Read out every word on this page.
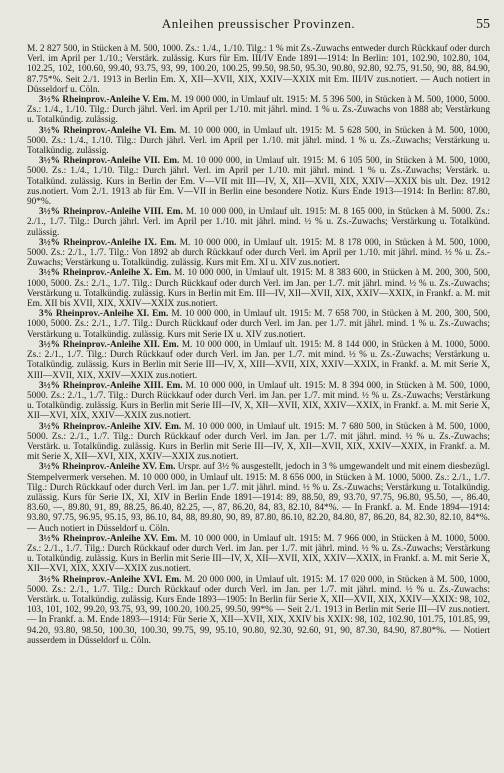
Anleihen preussischer Provinzen.	55

M. 2 827 500, in Stücken à M. 500, 1000. Zs.: 1./4., 1./10. Tilg.: 1 % mit Zs.-Zuwachs entweder durch Rückkauf oder durch Verl. im April per 1./10.; Verstärk. zulässig. Kurs für Em. III/IV Ende 1891—1914: In Berlin: 101, 102.90, 102.80, 104, 102.25, 102, 100.60, 99.40, 93.75, 93, 99, 100.20, 100.25, 99.50, 98.50, 95.30, 90.80, 92.80, 92.75, 91.50, 90, 88, 84.90, 87.75*%. Seit 2./1. 1913 in Berlin Em. X, XII—XVII, XIX, XXIV—XXIX mit Em. III/IV zus.notiert. — Auch notiert in Düsseldorf u. Cöln.

3½% Rheinprov.-Anleihe V. Em. M. 19 000 000, in Umlauf ult. 1915: M. 5 396 500, in Stücken à M. 500, 1000, 5000. Zs.: 1./4., 1./10. Tilg.: Durch jährl. Verl. im April per 1./10. mit jährl. mind. 1 % u. Zs.-Zuwachs von 1888 ab; Verstärkung u. Totalkündig. zulässig.

3½% Rheinprov.-Anleihe VI. Em. M. 10 000 000, in Umlauf ult. 1915: M. 5 628 500, in Stücken à M. 500, 1000, 5000. Zs.: 1./4., 1./10. Tilg.: Durch jährl. Verl. im April per 1./10. mit jährl. mind. 1 % u. Zs.-Zuwachs; Verstärkung u. Totalkündig. zulässig.

3½% Rheinprov.-Anleihe VII. Em. M. 10 000 000, in Umlauf ult. 1915: M. 6 105 500, in Stücken à M. 500, 1000, 5000. Zs.: 1./4., 1./10. Tilg.: Durch jährl. Verl. im April per 1./10. mit jährl. mind. 1 % u. Zs.-Zuwachs; Verstärk. u. Totalkünd. zulässig. Kurs in Berlin der Em. V—VII mit III—IV, X, XII—XVII, XIX, XXIV—XXIX bis ult. Dez. 1912 zus.notiert. Vom 2./1. 1913 ab für Em. V—VII in Berlin eine besondere Notiz. Kurs Ende 1913—1914: In Berlin: 87.80, 90*%.

3½% Rheinprov.-Anleihe VIII. Em. M. 10 000 000, in Umlauf ult. 1915: M. 8 165 000, in Stücken à M. 5000. Zs.: 2./1., 1./7. Tilg.: Durch jährl. Verl. im April per 1./10. mit jährl. mind. ½ % u. Zs.-Zuwachs; Verstärkung u. Totalkünd. zulässig.

3½% Rheinprov.-Anleihe IX. Em. M. 10 000 000, in Umlauf ult. 1915: M. 8 178 000, in Stücken à M. 500, 1000, 5000. Zs.: 2./1., 1./7. Tilg.: Von 1892 ab durch Rückkauf oder durch Verl. im April per 1./10. mit jährl. mind. ½ % u. Zs.-Zuwachs; Verstärkung u. Totalkündig. zulässig. Kurs mit Em. XI u. XIV zus.notiert.

3½% Rheinprov.-Anleihe X. Em. M. 10 000 000, in Umlauf ult. 1915: M. 8 383 600, in Stücken à M. 200, 300, 500, 1000, 5000. Zs.: 2./1., 1./7. Tilg.: Durch Rückkauf oder durch Verl. im Jan. per 1./7. mit jährl. mind. ½ % u. Zs.-Zuwachs; Verstärkung u. Totalkündig. zulässig. Kurs in Berlin mit Em. III—IV, XII—XVII, XIX, XXIV—XXIX, in Frankf. a. M. mit Em. XII bis XVII, XIX, XXIV—XXIX zus.notiert.

3% Rheinprov.-Anleihe XI. Em. M. 10 000 000, in Umlauf ult. 1915: M. 7 658 700, in Stücken à M. 200, 300, 500, 1000, 5000. Zs.: 2./1., 1./7. Tilg.: Durch Rückkauf oder durch Verl. im Jan. per 1./7. mit jährl. mind. 1 % u. Zs.-Zuwachs; Verstärkung u. Totalkündig. zulässig. Kurs mit Serie IX u. XIV zus.notiert.

3½% Rheinprov.-Anleihe XII. Em. M. 10 000 000, in Umlauf ult. 1915: M. 8 144 000, in Stücken à M. 1000, 5000. Zs.: 2./1., 1./7. Tilg.: Durch Rückkauf oder durch Verl. im Jan. per 1./7. mit mind. ½ % u. Zs.-Zuwachs; Verstärkung u. Totalkündig. zulässig. Kurs in Berlin mit Serie III—IV, X, XIII—XVII, XIX, XXIV—XXIX, in Frankf. a. M. mit Serie X, XIII—XVII, XIX, XXIV—XXIX zus.notiert.

3½% Rheinprov.-Anleihe XIII. Em. M. 10 000 000, in Umlauf ult. 1915: M. 8 394 000, in Stücken à M. 500, 1000, 5000. Zs.: 2./1., 1./7. Tilg.: Durch Rückkauf oder durch Verl. im Jan. per 1./7. mit mind. ½ % u. Zs.-Zuwachs; Verstärkung u. Totalkündig. zulässig. Kurs in Berlin mit Serie III—IV, X, XII—XVII, XIX, XXIV—XXIX, in Frankf. a. M. mit Serie X, XII—XVI, XIX, XXIV—XXIX zus.notiert.

3½% Rheinprov.-Anleihe XIV. Em. M. 10 000 000, in Umlauf ult. 1915: M. 7 680 500, in Stücken à M. 500, 1000, 5000. Zs.: 2./1., 1./7. Tilg.: Durch Rückkauf oder durch Verl. im Jan. per 1./7. mit jährl. mind. ½ % u. Zs.-Zuwachs; Verstärk. u. Totalkündig. zulässig. Kurs in Berlin mit Serie III—IV, X, XII—XVII, XIX, XXIV—XXIX, in Frankf. a. M. mit Serie X, XII—XVI, XIX, XXIV—XXIX zus.notiert.

3½% Rheinprov.-Anleihe XV. Em. Urspr. auf 3½ % ausgestellt, jedoch in 3 % umgewandelt und mit einem diesbezügl. Stempelvermerk versehen. M. 10 000 000, in Umlauf ult. 1915: M. 8 656 000, in Stücken à M. 1000, 5000. Zs.: 2./1., 1./7. Tilg.: Durch Rückkauf oder durch Verl. im Jan. per 1./7. mit jährl. mind. ½ % u. Zs.-Zuwachs; Verstärkung u. Totalkündig. zulässig. Kurs für Serie IX, XI, XIV in Berlin Ende 1891—1914: 89, 88.50, 89, 93.70, 97.75, 96.80, 95.50, —, 86.40, 83.60, —, 89.80, 91, 89, 88.25, 86.40, 82.25, —, 87, 86.20, 84, 83, 82.10, 84*%. — In Frankf. a. M. Ende 1894—1914: 93.80, 97.75, 96.95, 95.15, 93, 86.10, 84, 88, 89.80, 90, 89, 87.80, 86.10, 82.20, 84.80, 87, 86.20, 84, 82.30, 82.10, 84*%. — Auch notiert in Düsseldorf u. Cöln.

3½% Rheinprov.-Anleihe XV. Em. M. 10 000 000, in Umlauf ult. 1915: M. 7 966 000, in Stücken à M. 1000, 5000. Zs.: 2./1., 1./7. Tilg.: Durch Rückkauf oder durch Verl. im Jan. per 1./7. mit jährl. mind. ½ % u. Zs.-Zuwachs; Verstärkung u. Totalkündig. zulässig. Kurs in Berlin mit Serie III—IV, X, XII—XVII, XIX, XXIV—XXIX, in Frankf. a. M. mit Serie X, XII—XVI, XIX, XXIV—XXIX zus.notiert.

3½% Rheinprov.-Anleihe XVI. Em. M. 20 000 000, in Umlauf ult. 1915: M. 17 020 000, in Stücken à M. 500, 1000, 5000. Zs.: 2./1., 1./7. Tilg.: Durch Rückkauf oder durch Verl. im Jan. per 1./7. mit jährl. mind. ½ % u. Zs.-Zuwachs: Verstärk. u. Totalkündig. zulässig. Kurs Ende 1893—1905: In Berlin für Serie X, XII—XVII, XIX, XXIV—XXIX: 98, 102, 103, 101, 102, 99.20, 93.75, 93, 99, 100.20, 100.25, 99.50, 99*% — Seit 2./1. 1913 in Berlin mit Serie III—IV zus.notiert. — In Frankf. a. M. Ende 1893—1914: Für Serie X, XII—XVII, XIX, XXIV bis XXIX: 98, 102, 102.90, 101.75, 101.85, 99, 94.20, 93.80, 98.50, 100.30, 100.30, 99.75, 99, 95.10, 90.80, 92.30, 92.60, 91, 90, 87.30, 84.90, 87.80*%. — Notiert ausserdem in Düsseldorf u. Cöln.
